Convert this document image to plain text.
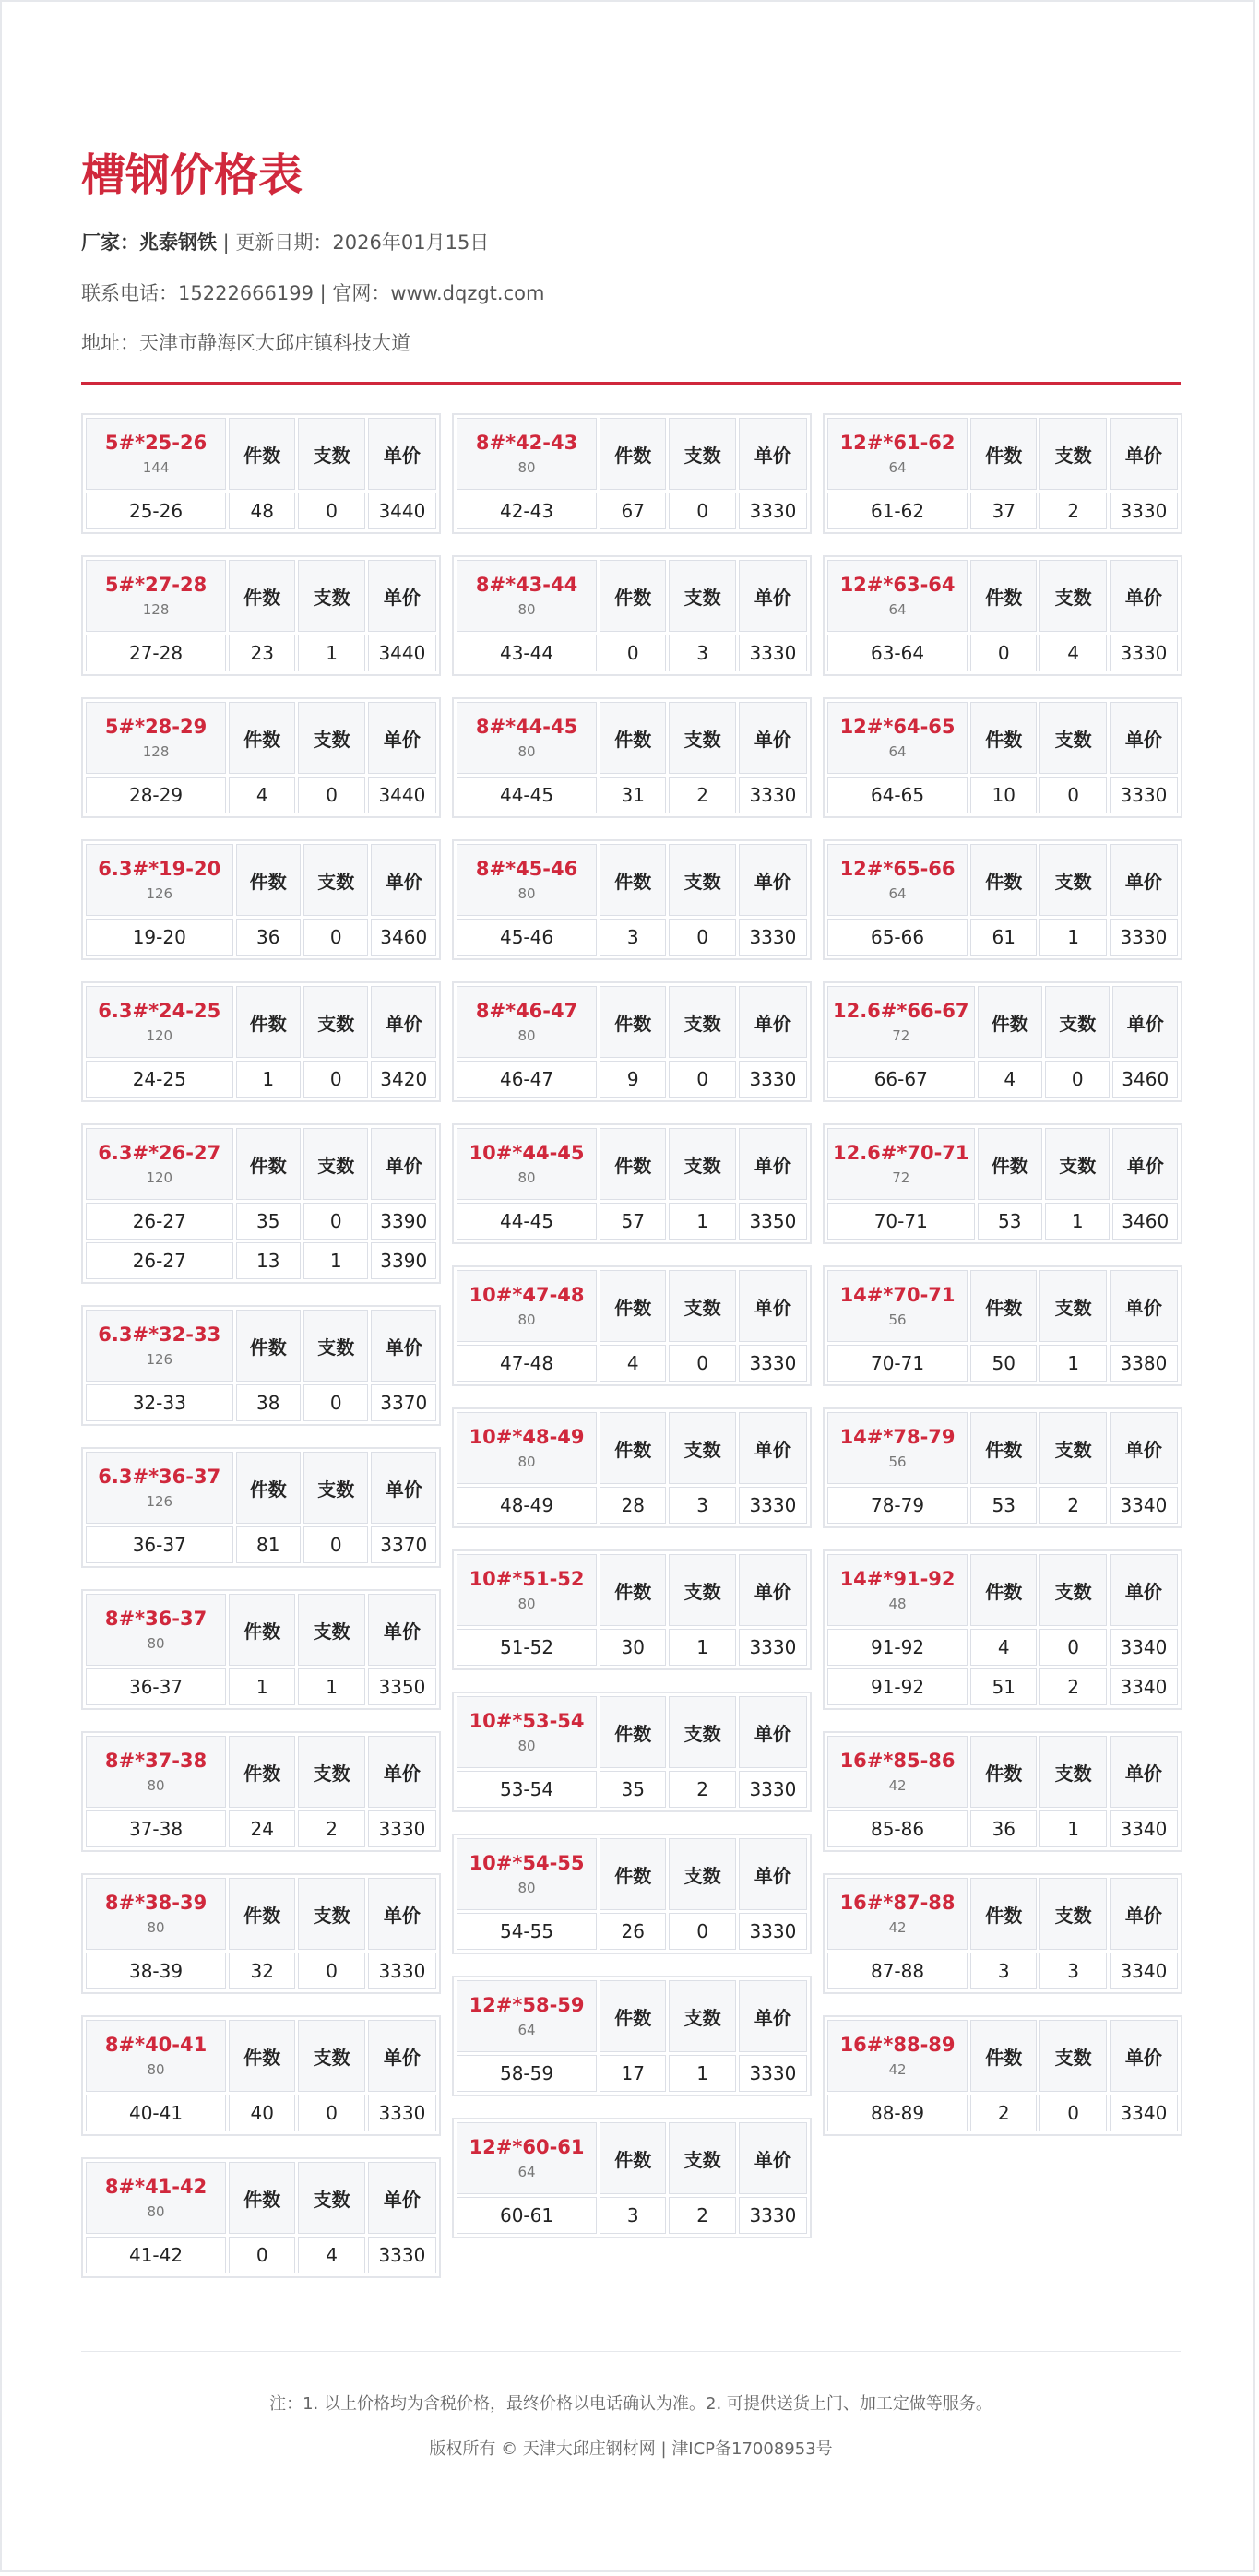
槽钢价格表
厂家：兆泰钢铁 | 更新日期：2026年01月15日
联系电话：15222666199 | 官网：www.dqzgt.com
地址：天津市静海区大邱庄镇科技大道
5#*25-26
144	件数	支数	单价
25-26	48	0	3440
5#*27-28
128	件数	支数	单价
27-28	23	1	3440
5#*28-29
128	件数	支数	单价
28-29	4	0	3440
6.3#*19-20
126	件数	支数	单价
19-20	36	0	3460
6.3#*24-25
120	件数	支数	单价
24-25	1	0	3420
6.3#*26-27
120	件数	支数	单价
26-27	35	0	3390
26-27	13	1	3390
6.3#*32-33
126	件数	支数	单价
32-33	38	0	3370
6.3#*36-37
126	件数	支数	单价
36-37	81	0	3370
8#*36-37
80	件数	支数	单价
36-37	1	1	3350
8#*37-38
80	件数	支数	单价
37-38	24	2	3330
8#*38-39
80	件数	支数	单价
38-39	32	0	3330
8#*40-41
80	件数	支数	单价
40-41	40	0	3330
8#*41-42
80	件数	支数	单价
41-42	0	4	3330
8#*42-43
80	件数	支数	单价
42-43	67	0	3330
8#*43-44
80	件数	支数	单价
43-44	0	3	3330
8#*44-45
80	件数	支数	单价
44-45	31	2	3330
8#*45-46
80	件数	支数	单价
45-46	3	0	3330
8#*46-47
80	件数	支数	单价
46-47	9	0	3330
10#*44-45
80	件数	支数	单价
44-45	57	1	3350
10#*47-48
80	件数	支数	单价
47-48	4	0	3330
10#*48-49
80	件数	支数	单价
48-49	28	3	3330
10#*51-52
80	件数	支数	单价
51-52	30	1	3330
10#*53-54
80	件数	支数	单价
53-54	35	2	3330
10#*54-55
80	件数	支数	单价
54-55	26	0	3330
12#*58-59
64	件数	支数	单价
58-59	17	1	3330
12#*60-61
64	件数	支数	单价
60-61	3	2	3330
12#*61-62
64	件数	支数	单价
61-62	37	2	3330
12#*63-64
64	件数	支数	单价
63-64	0	4	3330
12#*64-65
64	件数	支数	单价
64-65	10	0	3330
12#*65-66
64	件数	支数	单价
65-66	61	1	3330
12.6#*66-67
72	件数	支数	单价
66-67	4	0	3460
12.6#*70-71
72	件数	支数	单价
70-71	53	1	3460
14#*70-71
56	件数	支数	单价
70-71	50	1	3380
14#*78-79
56	件数	支数	单价
78-79	53	2	3340
14#*91-92
48	件数	支数	单价
91-92	4	0	3340
91-92	51	2	3340
16#*85-86
42	件数	支数	单价
85-86	36	1	3340
16#*87-88
42	件数	支数	单价
87-88	3	3	3340
16#*88-89
42	件数	支数	单价
88-89	2	0	3340
注：1. 以上价格均为含税价格，最终价格以电话确认为准。2. 可提供送货上门、加工定做等服务。
版权所有 © 天津大邱庄钢材网 | 津ICP备17008953号
